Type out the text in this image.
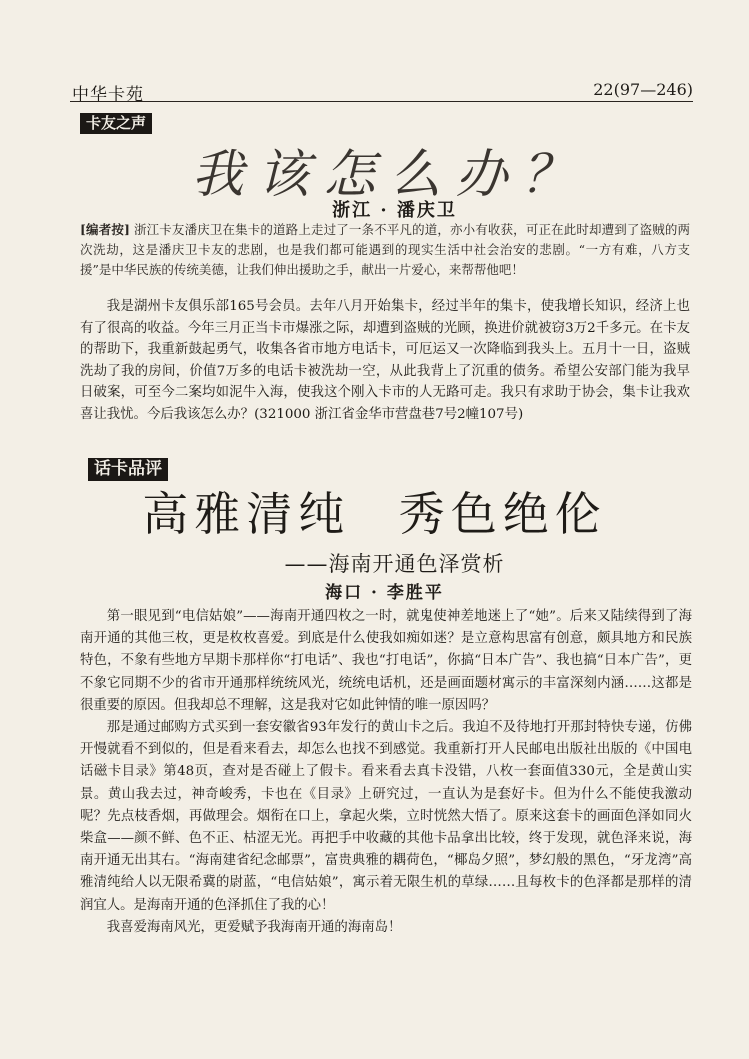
中华卡苑	22(97—246)
卡友之声
我该怎么办？
浙江 · 潘庆卫
[编者按] 浙江卡友潘庆卫在集卡的道路上走过了一条不平凡的道，亦小有收获，可正在此时却遭到了盗贼的两次洗劫，这是潘庆卫卡友的悲剧，也是我们都可能遇到的现实生活中社会治安的悲剧。“一方有难，八方支援”是中华民族的传统美德，让我们伸出援助之手，献出一片爱心，来帮帮他吧！

我是湖州卡友俱乐部165号会员。去年八月开始集卡，经过半年的集卡，使我增长知识，经济上也有了很高的收益。今年三月正当卡市爆涨之际，却遭到盗贼的光顾，换进价就被窃3万2千多元。在卡友的帮助下，我重新鼓起勇气，收集各省市地方电话卡，可厄运又一次降临到我头上。五月十一日，盗贼洗劫了我的房间，价值7万多的电话卡被洗劫一空，从此我背上了沉重的债务。希望公安部门能为我早日破案，可至今二案均如泥牛入海，使我这个刚入卡市的人无路可走。我只有求助于协会，集卡让我欢喜让我忧。今后我该怎么办？(321000 浙江省金华市营盘巷7号2幢107号)

话卡品评
高雅清纯 秀色绝伦
——海南开通色泽赏析
海口 · 李胜平

第一眼见到“电信姑娘”——海南开通四枚之一时，就鬼使神差地迷上了“她”。后来又陆续得到了海南开通的其他三枚，更是枚枚喜爱。到底是什么使我如痴如迷？是立意构思富有创意，颇具地方和民族特色，不象有些地方早期卡那样你“打电话”、我也“打电话”，你搞“日本广告”、我也搞“日本广告”，更不象它同期不少的省市开通那样统统风光，统统电话机，还是画面题材寓示的丰富深刻内涵……这都是很重要的原因。但我却总不理解，这是我对它如此钟情的唯一原因吗？

那是通过邮购方式买到一套安徽省93年发行的黄山卡之后。我迫不及待地打开那封特快专递，仿佛开慢就看不到似的，但是看来看去，却怎么也找不到感觉。我重新打开人民邮电出版社出版的《中国电话磁卡目录》第48页，查对是否碰上了假卡。看来看去真卡没错，八枚一套面值330元，全是黄山实景。黄山我去过，神奇峻秀，卡也在《目录》上研究过，一直认为是套好卡。但为什么不能使我激动呢？先点枝香烟，再做理会。烟衔在口上，拿起火柴，立时恍然大悟了。原来这套卡的画面色泽如同火柴盒——颜不鲜、色不正、枯涩无光。再把手中收藏的其他卡品拿出比较，终于发现，就色泽来说，海南开通无出其右。“海南建省纪念邮票”，富贵典雅的耦荷色，“椰岛夕照”，梦幻般的黑色，“牙龙湾”高雅清纯给人以无限希冀的尉蓝，“电信姑娘”，寓示着无限生机的草绿……且每枚卡的色泽都是那样的清润宜人。是海南开通的色泽抓住了我的心！

我喜爱海南风光，更爱赋予我海南开通的海南岛！
